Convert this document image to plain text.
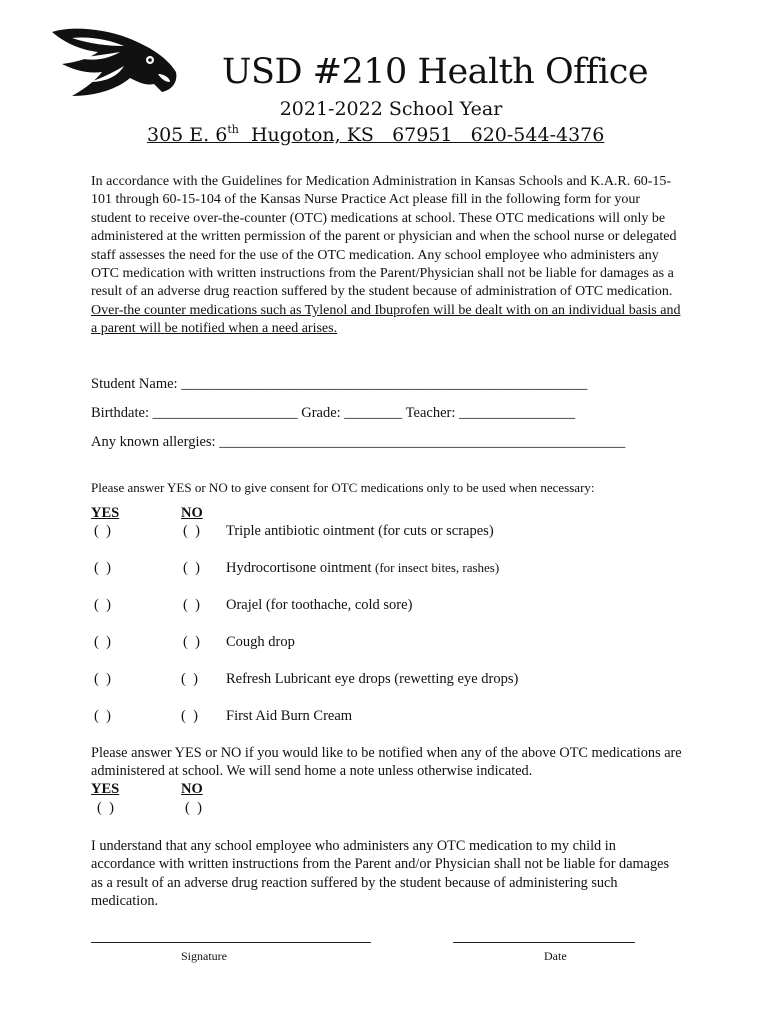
USD #210 Health Office
2021-2022 School Year
305 E. 6th  Hugoton, KS   67951   620-544-4376
In accordance with the Guidelines for Medication Administration in Kansas Schools and K.A.R. 60-15-101 through 60-15-104 of the Kansas Nurse Practice Act please fill in the following form for your student to receive over-the-counter (OTC) medications at school. These OTC medications will only be administered at the written permission of the parent or physician and when the school nurse or delegated staff assesses the need for the use of the OTC medication. Any school employee who administers any OTC medication with written instructions from the Parent/Physician shall not be liable for damages as a result of an adverse drug reaction suffered by the student because of administration of OTC medication. Over-the counter medications such as Tylenol and Ibuprofen will be dealt with on an individual basis and a parent will be notified when a need arises.
Student Name: ________________________________________________________
Birthdate: ____________________ Grade: ________ Teacher: ________________
Any known allergies: ________________________________________________________
Please answer YES or NO to give consent for OTC medications only to be used when necessary:
YES	NO
(  )	(  ) Triple antibiotic ointment (for cuts or scrapes)
(  )	(  ) Hydrocortisone ointment (for insect bites, rashes)
(  )	(  ) Orajel (for toothache, cold sore)
(  )	(  ) Cough drop
(  )	(  ) Refresh Lubricant eye drops (rewetting eye drops)
(  )	(  ) First Aid Burn Cream
Please answer YES or NO if you would like to be notified when any of the above OTC medications are administered at school. We will send home a note unless otherwise indicated.
YES	NO
(  )	(  )
I understand that any school employee who administers any OTC medication to my child in accordance with written instructions from the Parent and/or Physician shall not be liable for damages as a result of an adverse drug reaction suffered by the student because of administering such medication.
Signature	Date
